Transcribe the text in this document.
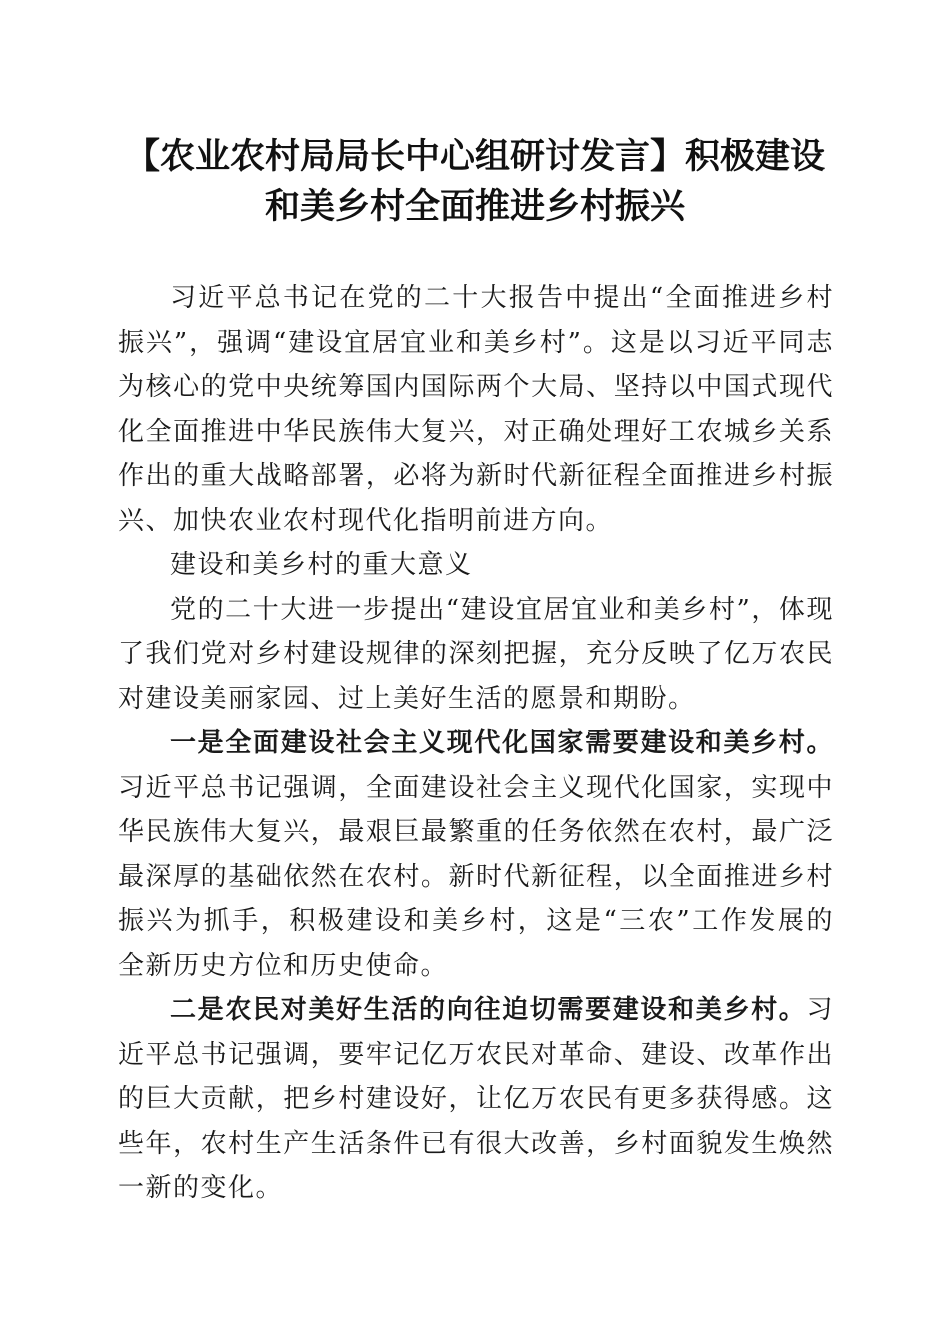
【农业农村局局长中心组研讨发言】积极建设
和美乡村全面推进乡村振兴

习近平总书记在党的二十大报告中提出“全面推进乡村振兴”，强调“建设宜居宜业和美乡村”。这是以习近平同志为核心的党中央统筹国内国际两个大局、坚持以中国式现代化全面推进中华民族伟大复兴，对正确处理好工农城乡关系作出的重大战略部署，必将为新时代新征程全面推进乡村振兴、加快农业农村现代化指明前进方向。

建设和美乡村的重大意义

党的二十大进一步提出“建设宜居宜业和美乡村”，体现了我们党对乡村建设规律的深刻把握，充分反映了亿万农民对建设美丽家园、过上美好生活的愿景和期盼。

一是全面建设社会主义现代化国家需要建设和美乡村。习近平总书记强调，全面建设社会主义现代化国家，实现中华民族伟大复兴，最艰巨最繁重的任务依然在农村，最广泛最深厚的基础依然在农村。新时代新征程，以全面推进乡村振兴为抓手，积极建设和美乡村，这是“三农”工作发展的全新历史方位和历史使命。

二是农民对美好生活的向往迫切需要建设和美乡村。习近平总书记强调，要牢记亿万农民对革命、建设、改革作出的巨大贡献，把乡村建设好，让亿万农民有更多获得感。这些年，农村生产生活条件已有很大改善，乡村面貌发生焕然一新的变化。
